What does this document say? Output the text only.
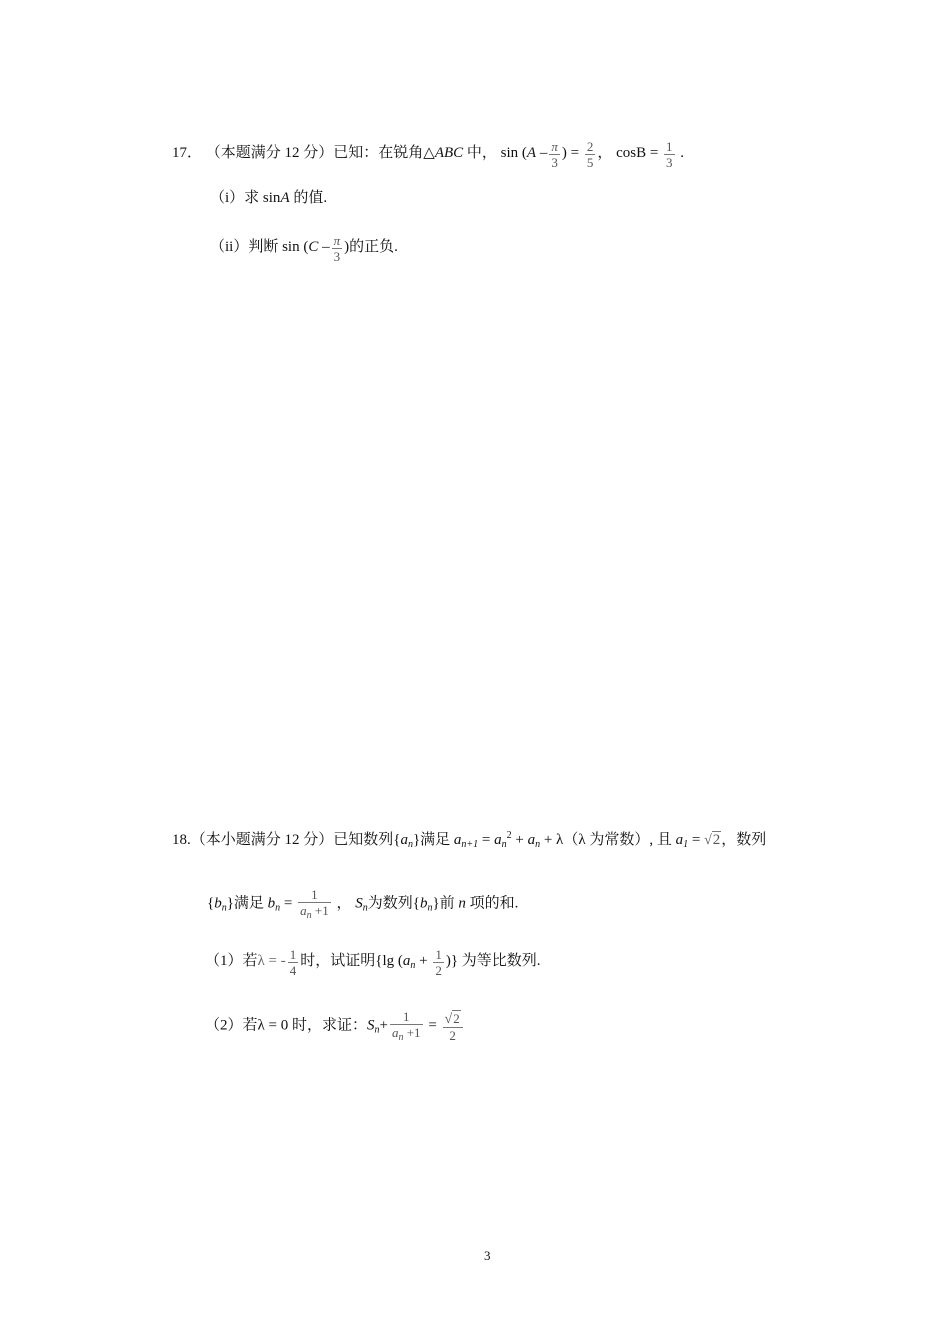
17． （本题满分 12 分）已知：在锐角△ABC 中， $\sin (A - \frac{\pi}{3}$ ) = $\frac{2}{5}$ ， $\cos B = \frac{1}{3}$ .
（i）求 sinA 的值.
（ii）判断 $\sin (C - \frac{\pi}{3}$ )的正负.
18.（本小题满分 12 分）已知数列$\{a_n\}$满足 $a_{n+1} = a_n^2 + a_n + \lambda(\lambda$ 为常数）, 且 $a_1 = √2$，数列
$\{b_n\}$满足 $b_n = \frac{1}{a_n +1}$ ， $S_n$为数列$\{b_n\}$前 n 项的和.
（1）若λ = - $\frac{1}{4}$ 时，试证明{lg ($a_n + \frac{1}{2}$ )} 为等比数列.
（2）若λ = 0 时，求证：$S_n+ \frac{1}{a_n +1} = \frac{√2}{2}$
3
